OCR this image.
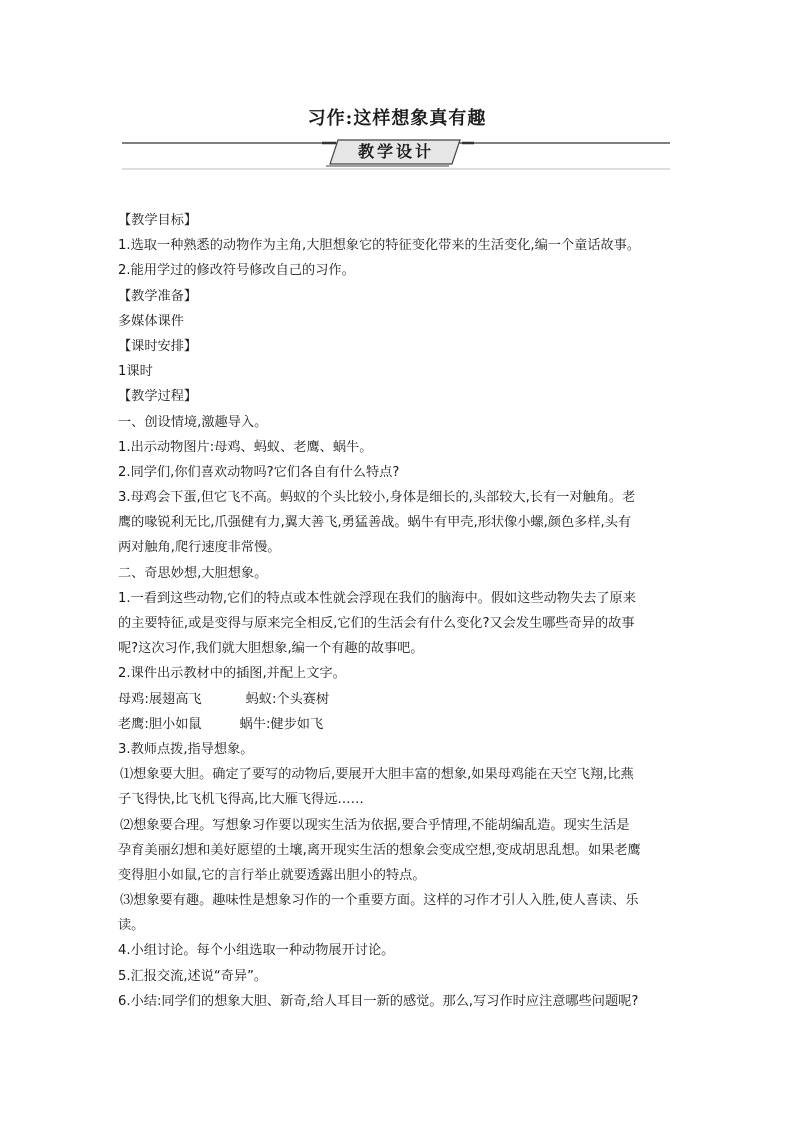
习作:这样想象真有趣
教学设计
【教学目标】
1.选取一种熟悉的动物作为主角,大胆想象它的特征变化带来的生活变化,编一个童话故事。
2.能用学过的修改符号修改自己的习作。
【教学准备】
多媒体课件
【课时安排】
1课时
【教学过程】
一、创设情境,激趣导入。
1.出示动物图片:母鸡、蚂蚁、老鹰、蜗牛。
2.同学们,你们喜欢动物吗?它们各自有什么特点?
3.母鸡会下蛋,但它飞不高。蚂蚁的个头比较小,身体是细长的,头部较大,长有一对触角。老
鹰的喙锐利无比,爪强健有力,翼大善飞,勇猛善战。蜗牛有甲壳,形状像小螺,颜色多样,头有
两对触角,爬行速度非常慢。
二、奇思妙想,大胆想象。
1.一看到这些动物,它们的特点或本性就会浮现在我们的脑海中。假如这些动物失去了原来
的主要特征,或是变得与原来完全相反,它们的生活会有什么变化?又会发生哪些奇异的故事
呢?这次习作,我们就大胆想象,编一个有趣的故事吧。
2.课件出示教材中的插图,并配上文字。
母鸡:展翅高飞	蚂蚁:个头赛树
老鹰:胆小如鼠	蜗牛:健步如飞
3.教师点拨,指导想象。
⑴想象要大胆。确定了要写的动物后,要展开大胆丰富的想象,如果母鸡能在天空飞翔,比燕
子飞得快,比飞机飞得高,比大雁飞得远……
⑵想象要合理。写想象习作要以现实生活为依据,要合乎情理,不能胡编乱造。现实生活是
孕育美丽幻想和美好愿望的土壤,离开现实生活的想象会变成空想,变成胡思乱想。如果老鹰
变得胆小如鼠,它的言行举止就要透露出胆小的特点。
⑶想象要有趣。趣味性是想象习作的一个重要方面。这样的习作才引人入胜,使人喜读、乐
读。
4.小组讨论。每个小组选取一种动物展开讨论。
5.汇报交流,述说“奇异”。
6.小结:同学们的想象大胆、新奇,给人耳目一新的感觉。那么,写习作时应注意哪些问题呢?
